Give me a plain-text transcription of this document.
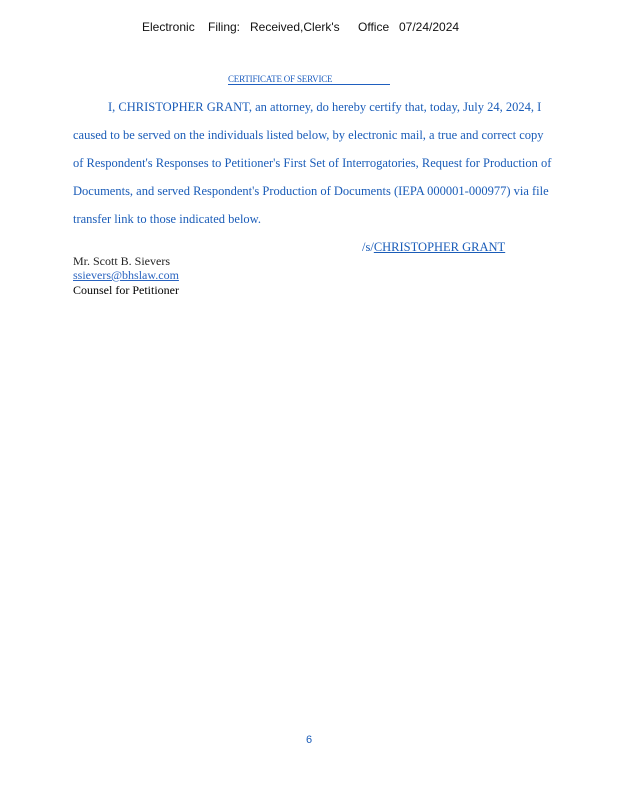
Electronic Filing: Received,Clerk's Office 07/24/2024
CERTIFICATE OF SERVICE
I, CHRISTOPHER GRANT, an attorney, do hereby certify that, today, July 24, 2024, I
caused to be served on the individuals listed below, by electronic mail, a true and correct copy
of Respondent's Responses to Petitioner's First Set of Interrogatories, Request for Production of
Documents, and served Respondent's Production of Documents (IEPA 000001-000977) via file
transfer link to those indicated below.
/s/CHRISTOPHER GRANT
Mr. Scott B. Sievers
ssievers@bhslaw.com
Counsel for Petitioner
6
